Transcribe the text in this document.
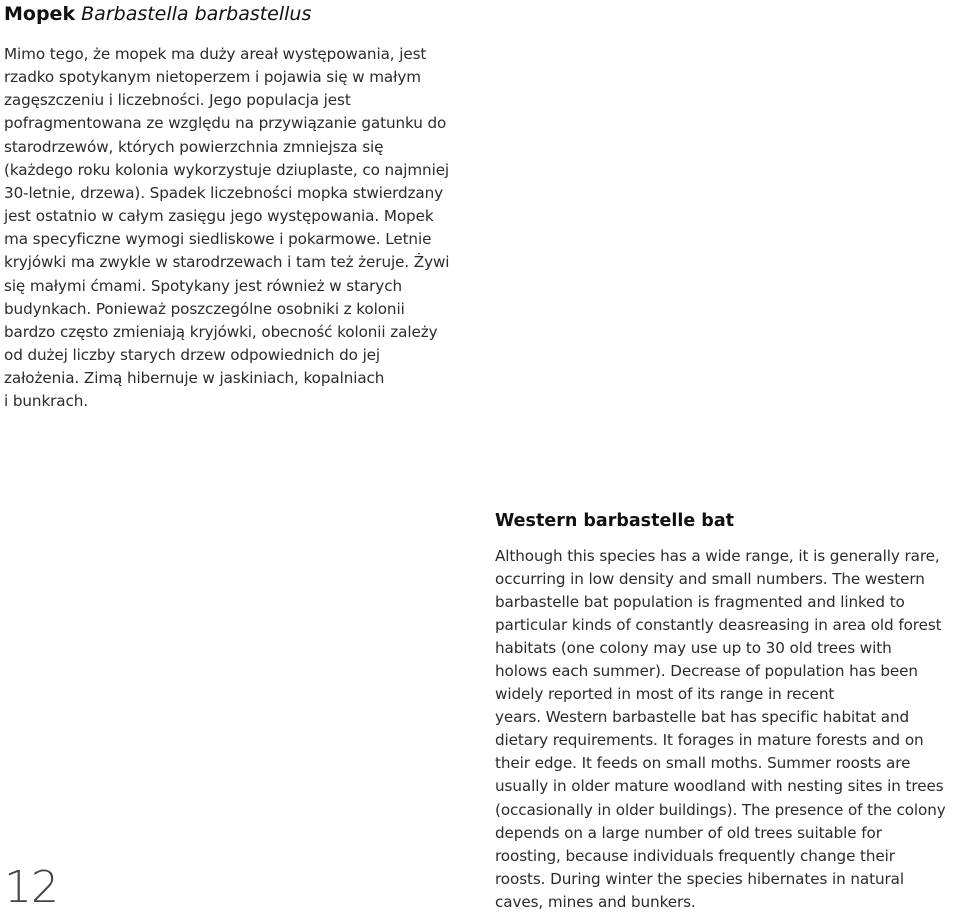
Mopek Barbastella barbastellus
Mimo tego, że mopek ma duży areał występowania, jest
rzadko spotykanym nietoperzem i pojawia się w małym
zagęszczeniu i liczebności. Jego populacja jest
pofragmentowana ze względu na przywiązanie gatunku do
starodrzewów, których powierzchnia zmniejsza się
(każdego roku kolonia wykorzystuje dziuplaste, co najmniej
30-letnie, drzewa). Spadek liczebności mopka stwierdzany
jest ostatnio w całym zasięgu jego występowania. Mopek
ma specyficzne wymogi siedliskowe i pokarmowe. Letnie
kryjówki ma zwykle w starodrzewach i tam też żeruje. Żywi
się małymi ćmami. Spotykany jest również w starych
budynkach. Ponieważ poszczególne osobniki z kolonii
bardzo często zmieniają kryjówki, obecność kolonii zależy
od dużej liczby starych drzew odpowiednich do jej
założenia. Zimą hibernuje w jaskiniach, kopalniach
i bunkrach.
Western barbastelle bat
Although this species has a wide range, it is generally rare,
occurring in low density and small numbers. The western
barbastelle bat population is fragmented and linked to
particular kinds of constantly deasreasing in area old forest
habitats (one colony may use up to 30 old trees with
holows each summer). Decrease of population has been
widely reported in most of its range in recent
years. Western barbastelle bat has specific habitat and
dietary requirements. It forages in mature forests and on
their edge. It feeds on small moths. Summer roosts are
usually in older mature woodland with nesting sites in trees
(occasionally in older buildings). The presence of the colony
depends on a large number of old trees suitable for
roosting, because individuals frequently change their
roosts. During winter the species hibernates in natural
caves, mines and bunkers.
12
